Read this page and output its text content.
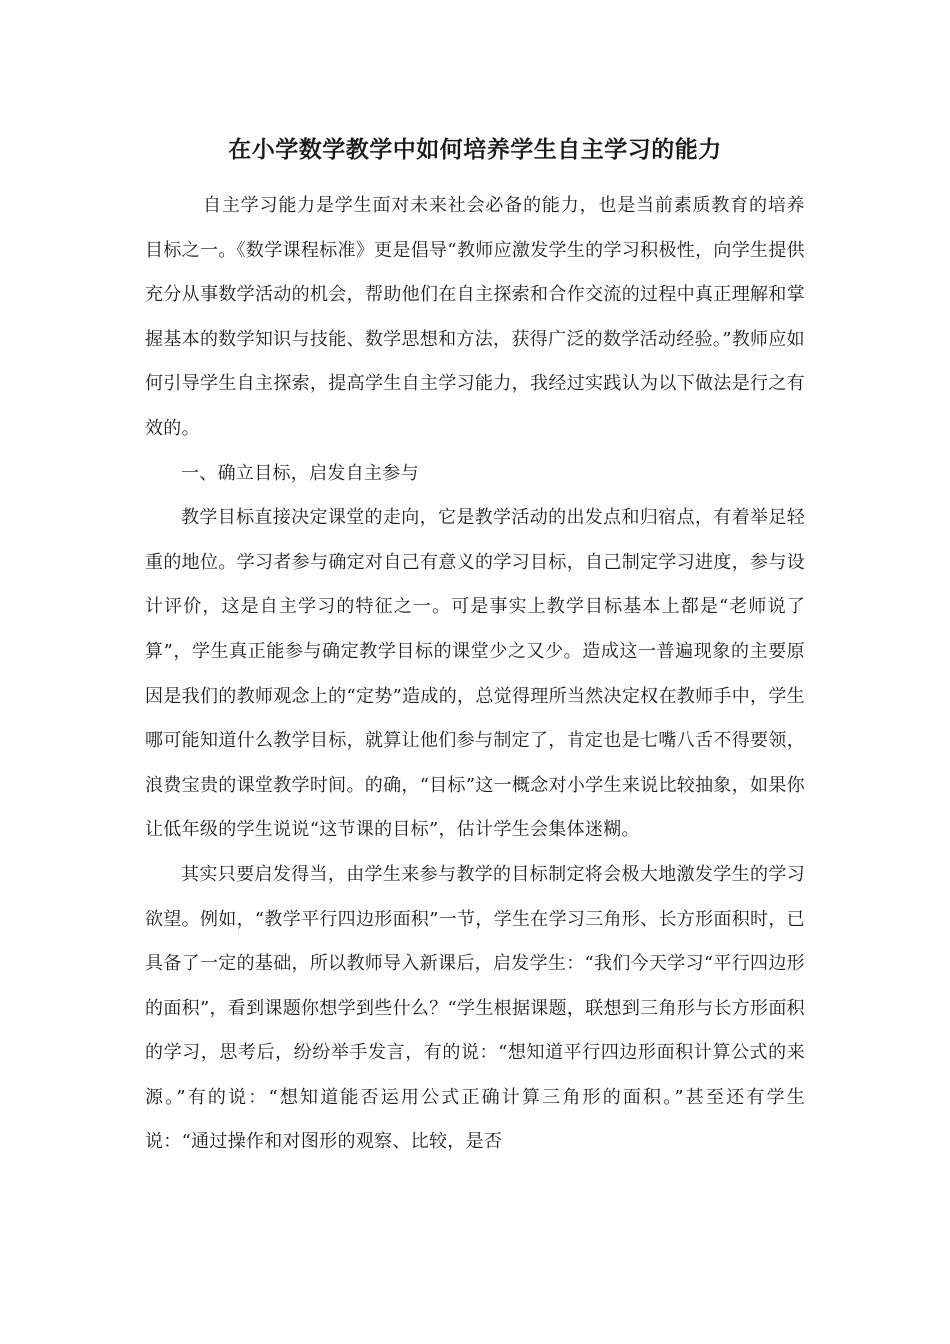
在小学数学教学中如何培养学生自主学习的能力

自主学习能力是学生面对未来社会必备的能力，也是当前素质教育的培养目标之一。《数学课程标准》更是倡导“教师应激发学生的学习积极性，向学生提供充分从事数学活动的机会，帮助他们在自主探索和合作交流的过程中真正理解和掌握基本的数学知识与技能、数学思想和方法，获得广泛的数学活动经验。”教师应如何引导学生自主探索，提高学生自主学习能力，我经过实践认为以下做法是行之有效的。

一、确立目标，启发自主参与

教学目标直接决定课堂的走向，它是教学活动的出发点和归宿点，有着举足轻重的地位。学习者参与确定对自己有意义的学习目标，自己制定学习进度，参与设计评价，这是自主学习的特征之一。可是事实上教学目标基本上都是“老师说了算”，学生真正能参与确定教学目标的课堂少之又少。造成这一普遍现象的主要原因是我们的教师观念上的“定势”造成的，总觉得理所当然决定权在教师手中，学生哪可能知道什么教学目标，就算让他们参与制定了，肯定也是七嘴八舌不得要领，浪费宝贵的课堂教学时间。的确，“目标”这一概念对小学生来说比较抽象，如果你让低年级的学生说说“这节课的目标”，估计学生会集体迷糊。

其实只要启发得当，由学生来参与教学的目标制定将会极大地激发学生的学习欲望。例如，“教学平行四边形面积”一节，学生在学习三角形、长方形面积时，已具备了一定的基础，所以教师导入新课后，启发学生：“我们今天学习“平行四边形的面积”，看到课题你想学到些什么？“学生根据课题，联想到三角形与长方形面积的学习，思考后，纷纷举手发言，有的说：“想知道平行四边形面积计算公式的来源。”有的说：“想知道能否运用公式正确计算三角形的面积。”甚至还有学生说：“通过操作和对图形的观察、比较，是否
